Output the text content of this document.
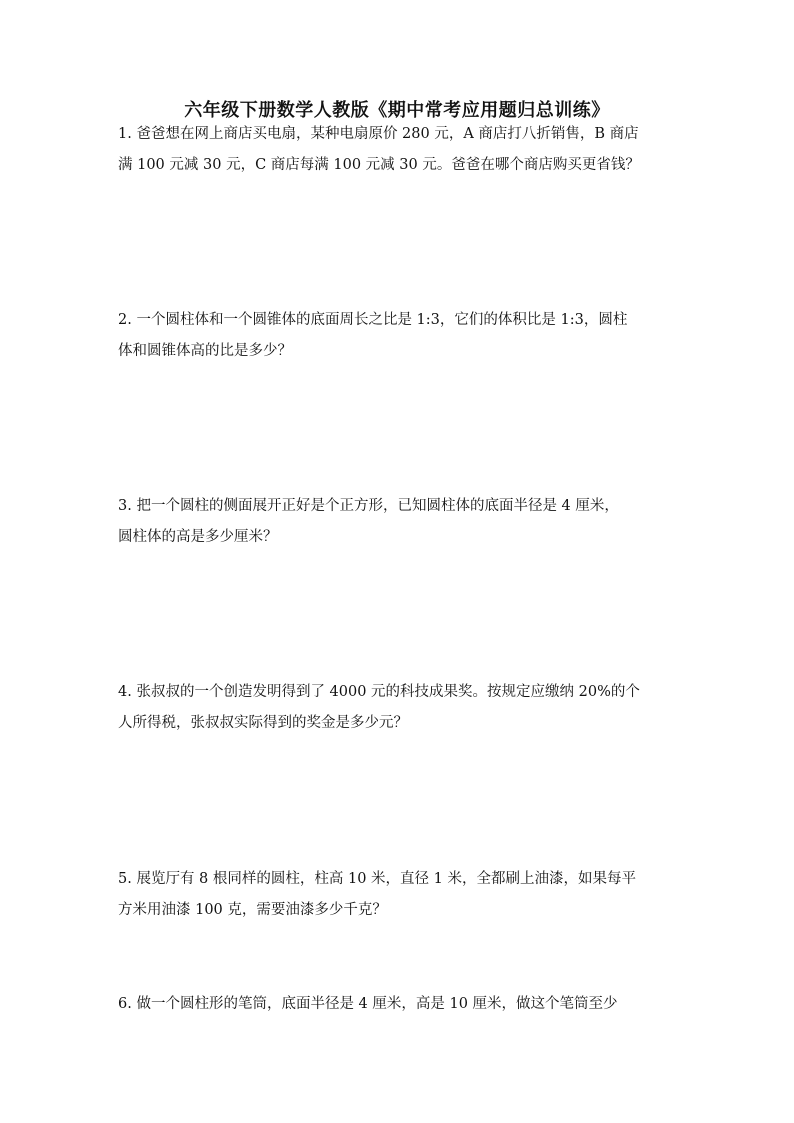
六年级下册数学人教版《期中常考应用题归总训练》

1. 爸爸想在网上商店买电扇，某种电扇原价 280 元，A 商店打八折销售，B 商店

满 100 元减 30 元，C 商店每满 100 元减 30 元。爸爸在哪个商店购买更省钱？

2. 一个圆柱体和一个圆锥体的底面周长之比是 1:3，它们的体积比是 1:3，圆柱

体和圆锥体高的比是多少？

3. 把一个圆柱的侧面展开正好是个正方形，已知圆柱体的底面半径是 4 厘米，

圆柱体的高是多少厘米？

4. 张叔叔的一个创造发明得到了 4000 元的科技成果奖。按规定应缴纳 20%的个

人所得税，张叔叔实际得到的奖金是多少元？

5. 展览厅有 8 根同样的圆柱，柱高 10 米，直径 1 米，全都刷上油漆，如果每平

方米用油漆 100 克，需要油漆多少千克？

6. 做一个圆柱形的笔筒，底面半径是 4 厘米，高是 10 厘米，做这个笔筒至少
